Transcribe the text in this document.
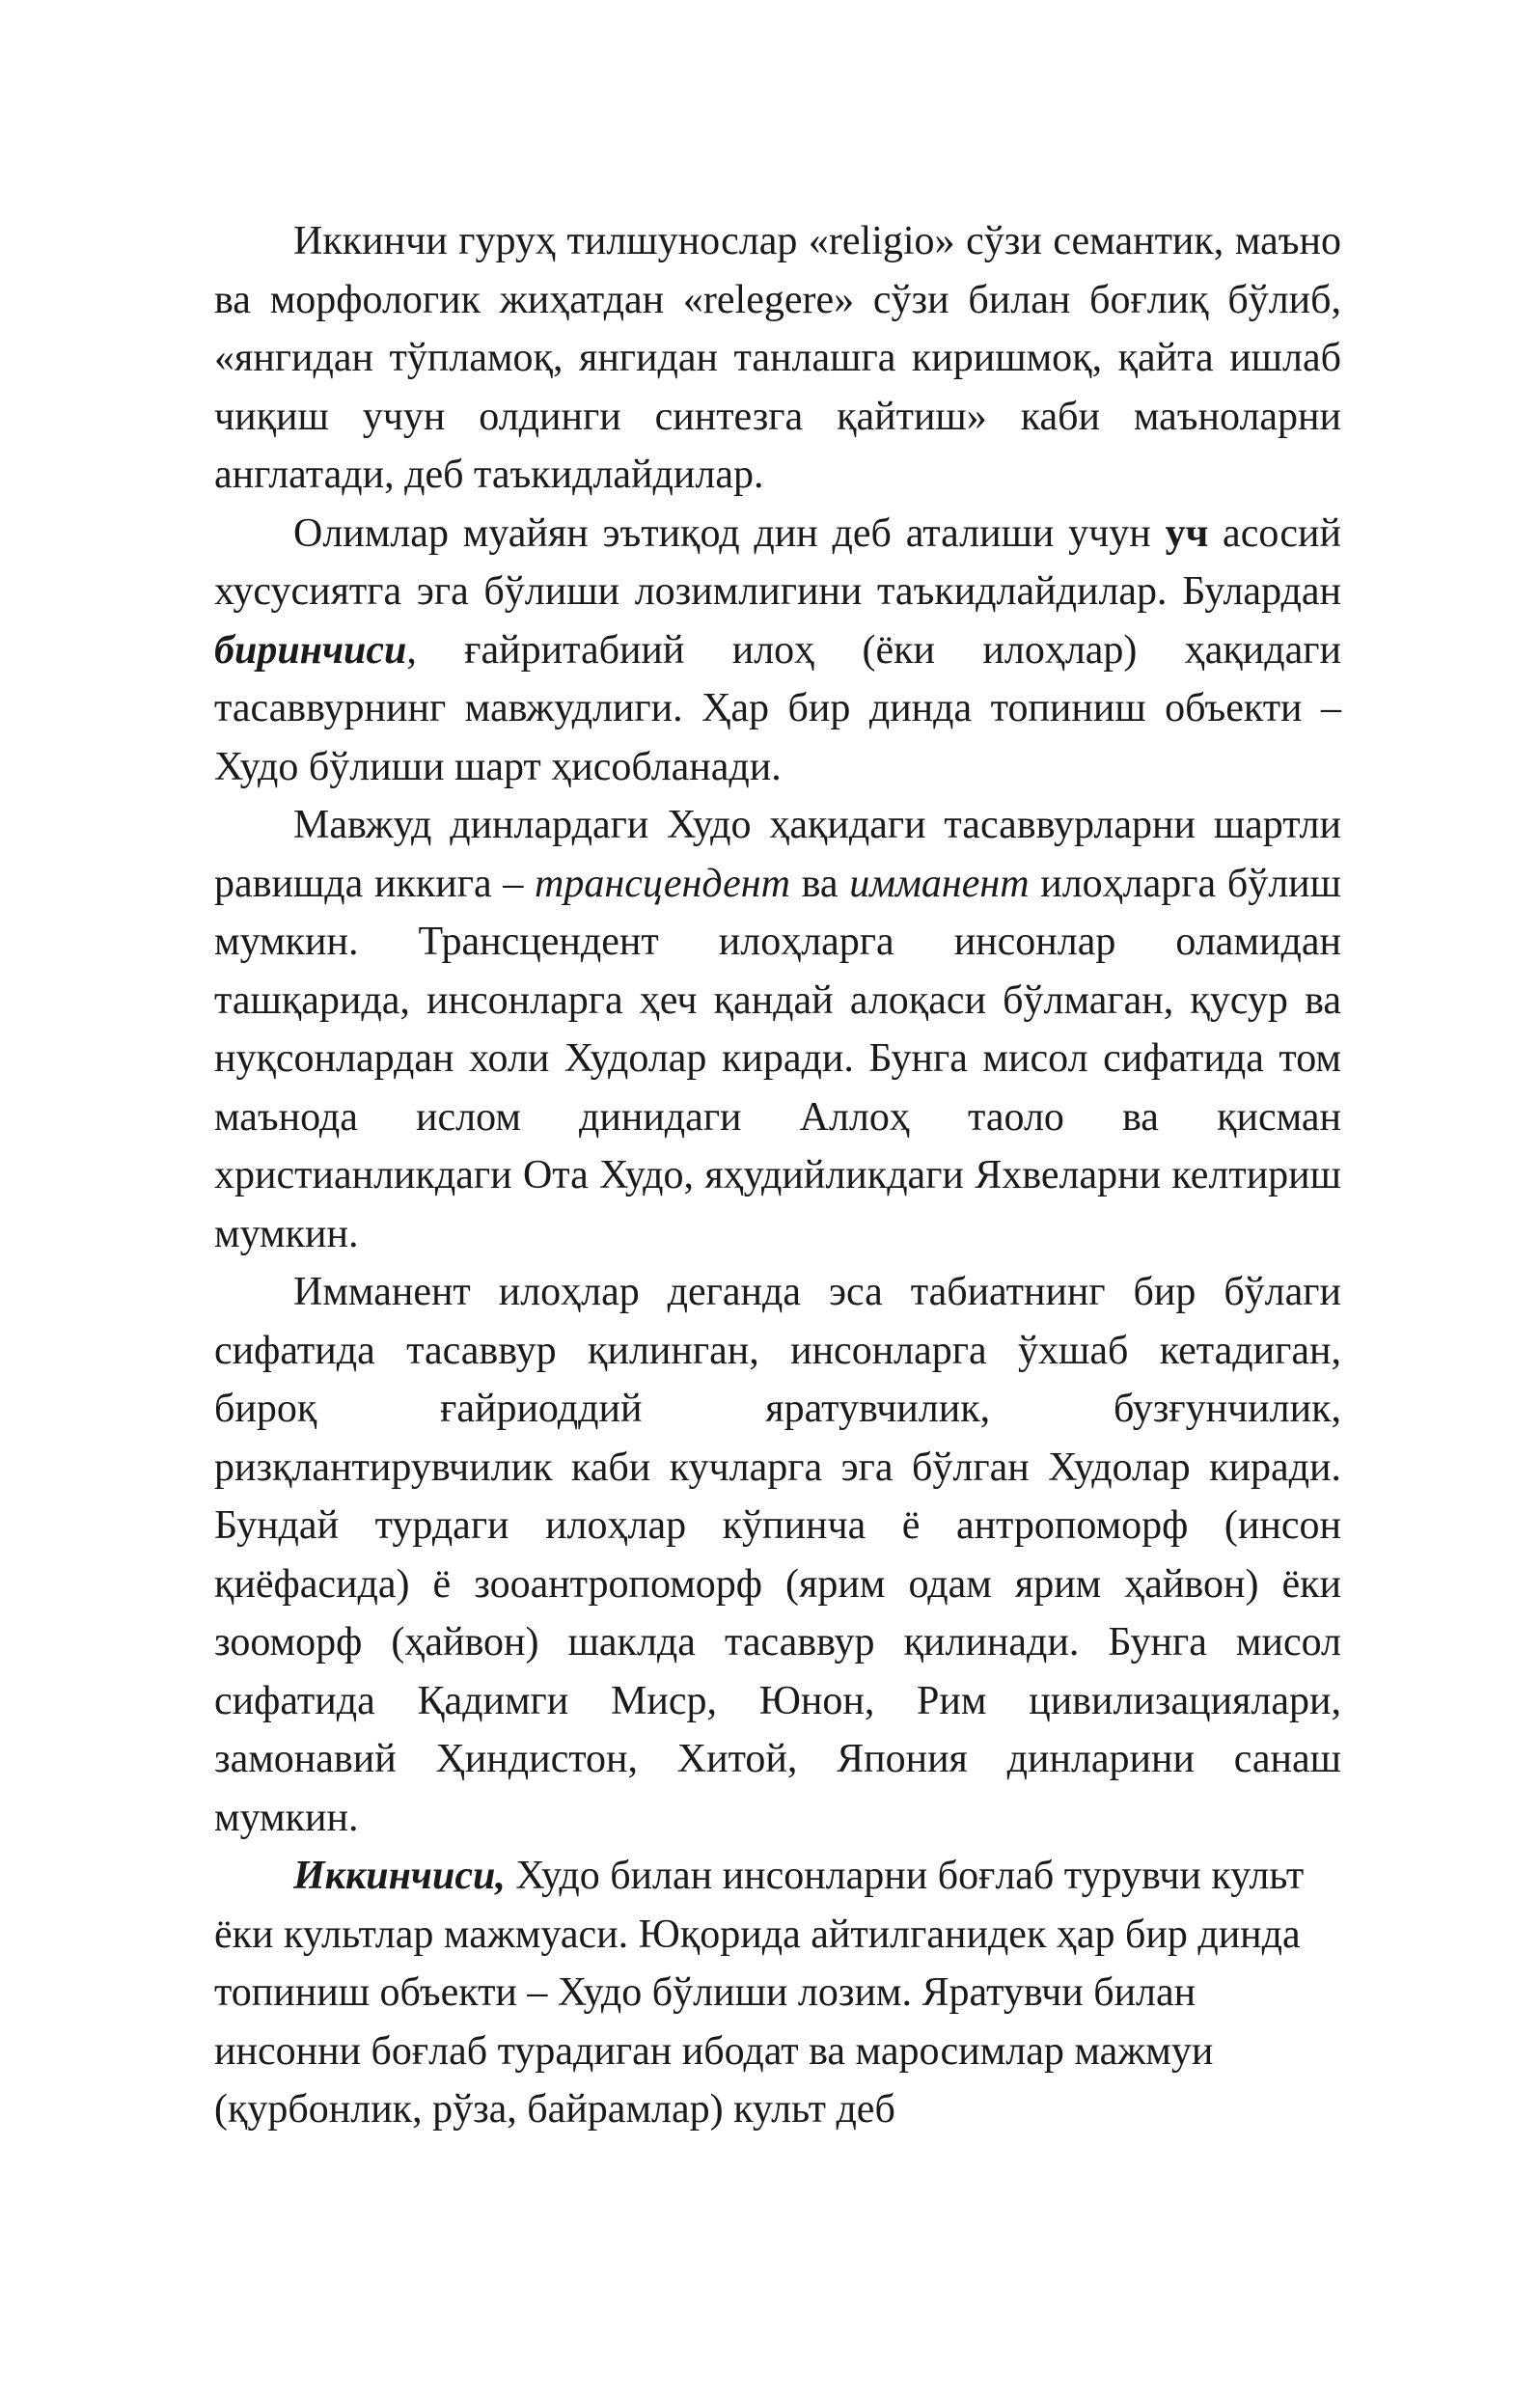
Иккинчи гуруҳ тилшунослар «religio» сўзи семантик, маъно ва морфологик жиҳатдан «relegere» сўзи билан боғлиқ бўлиб, «янгидан тўпламоқ, янгидан танлашга киришмоқ, қайта ишлаб чиқиш учун олдинги синтезга қайтиш» каби маъноларни англатади, деб таъкидлайдилар.

Олимлар муайян эътиқод дин деб аталиши учун уч асосий хусусиятга эга бўлиши лозимлигини таъкидлайдилар. Булардан биринчиси, ғайритабиий илоҳ (ёки илоҳлар) ҳақидаги тасаввурнинг мавжудлиги. Ҳар бир динда топиниш объекти – Худо бўлиши шарт ҳисобланади.

Мавжуд динлардаги Худо ҳақидаги тасаввурларни шартли равишда иккига – трансцендент ва имманент илоҳларга бўлиш мумкин. Трансцендент илоҳларга инсонлар оламидан ташқарида, инсонларга ҳеч қандай алоқаси бўлмаган, қусур ва нуқсонлардан холи Худолар киради. Бунга мисол сифатида том маънода ислом динидаги Аллоҳ таоло ва қисман христианликдаги Ота Худо, яҳудийликдаги Яхвеларни келтириш мумкин.

Имманент илоҳлар деганда эса табиатнинг бир бўлаги сифатида тасаввур қилинган, инсонларга ўхшаб кетадиган, бироқ ғайриоддий яратувчилик, бузғунчилик, ризқлантирувчилик каби кучларга эга бўлган Худолар киради. Бундай турдаги илоҳлар кўпинча ё антропоморф (инсон қиёфасида) ё зооантропоморф (ярим одам ярим ҳайвон) ёки зооморф (ҳайвон) шаклда тасаввур қилинади. Бунга мисол сифатида Қадимги Миср, Юнон, Рим цивилизациялари, замонавий Ҳиндистон, Хитой, Япония динларини санаш мумкин.

Иккинчиси, Худо билан инсонларни боғлаб турувчи культ ёки культлар мажмуаси. Юқорида айтилганидек ҳар бир динда топиниш объекти – Худо бўлиши лозим. Яратувчи билан инсонни боғлаб турадиган ибодат ва маросимлар мажмуи (қурбонлик, рўза, байрамлар) культ деб
